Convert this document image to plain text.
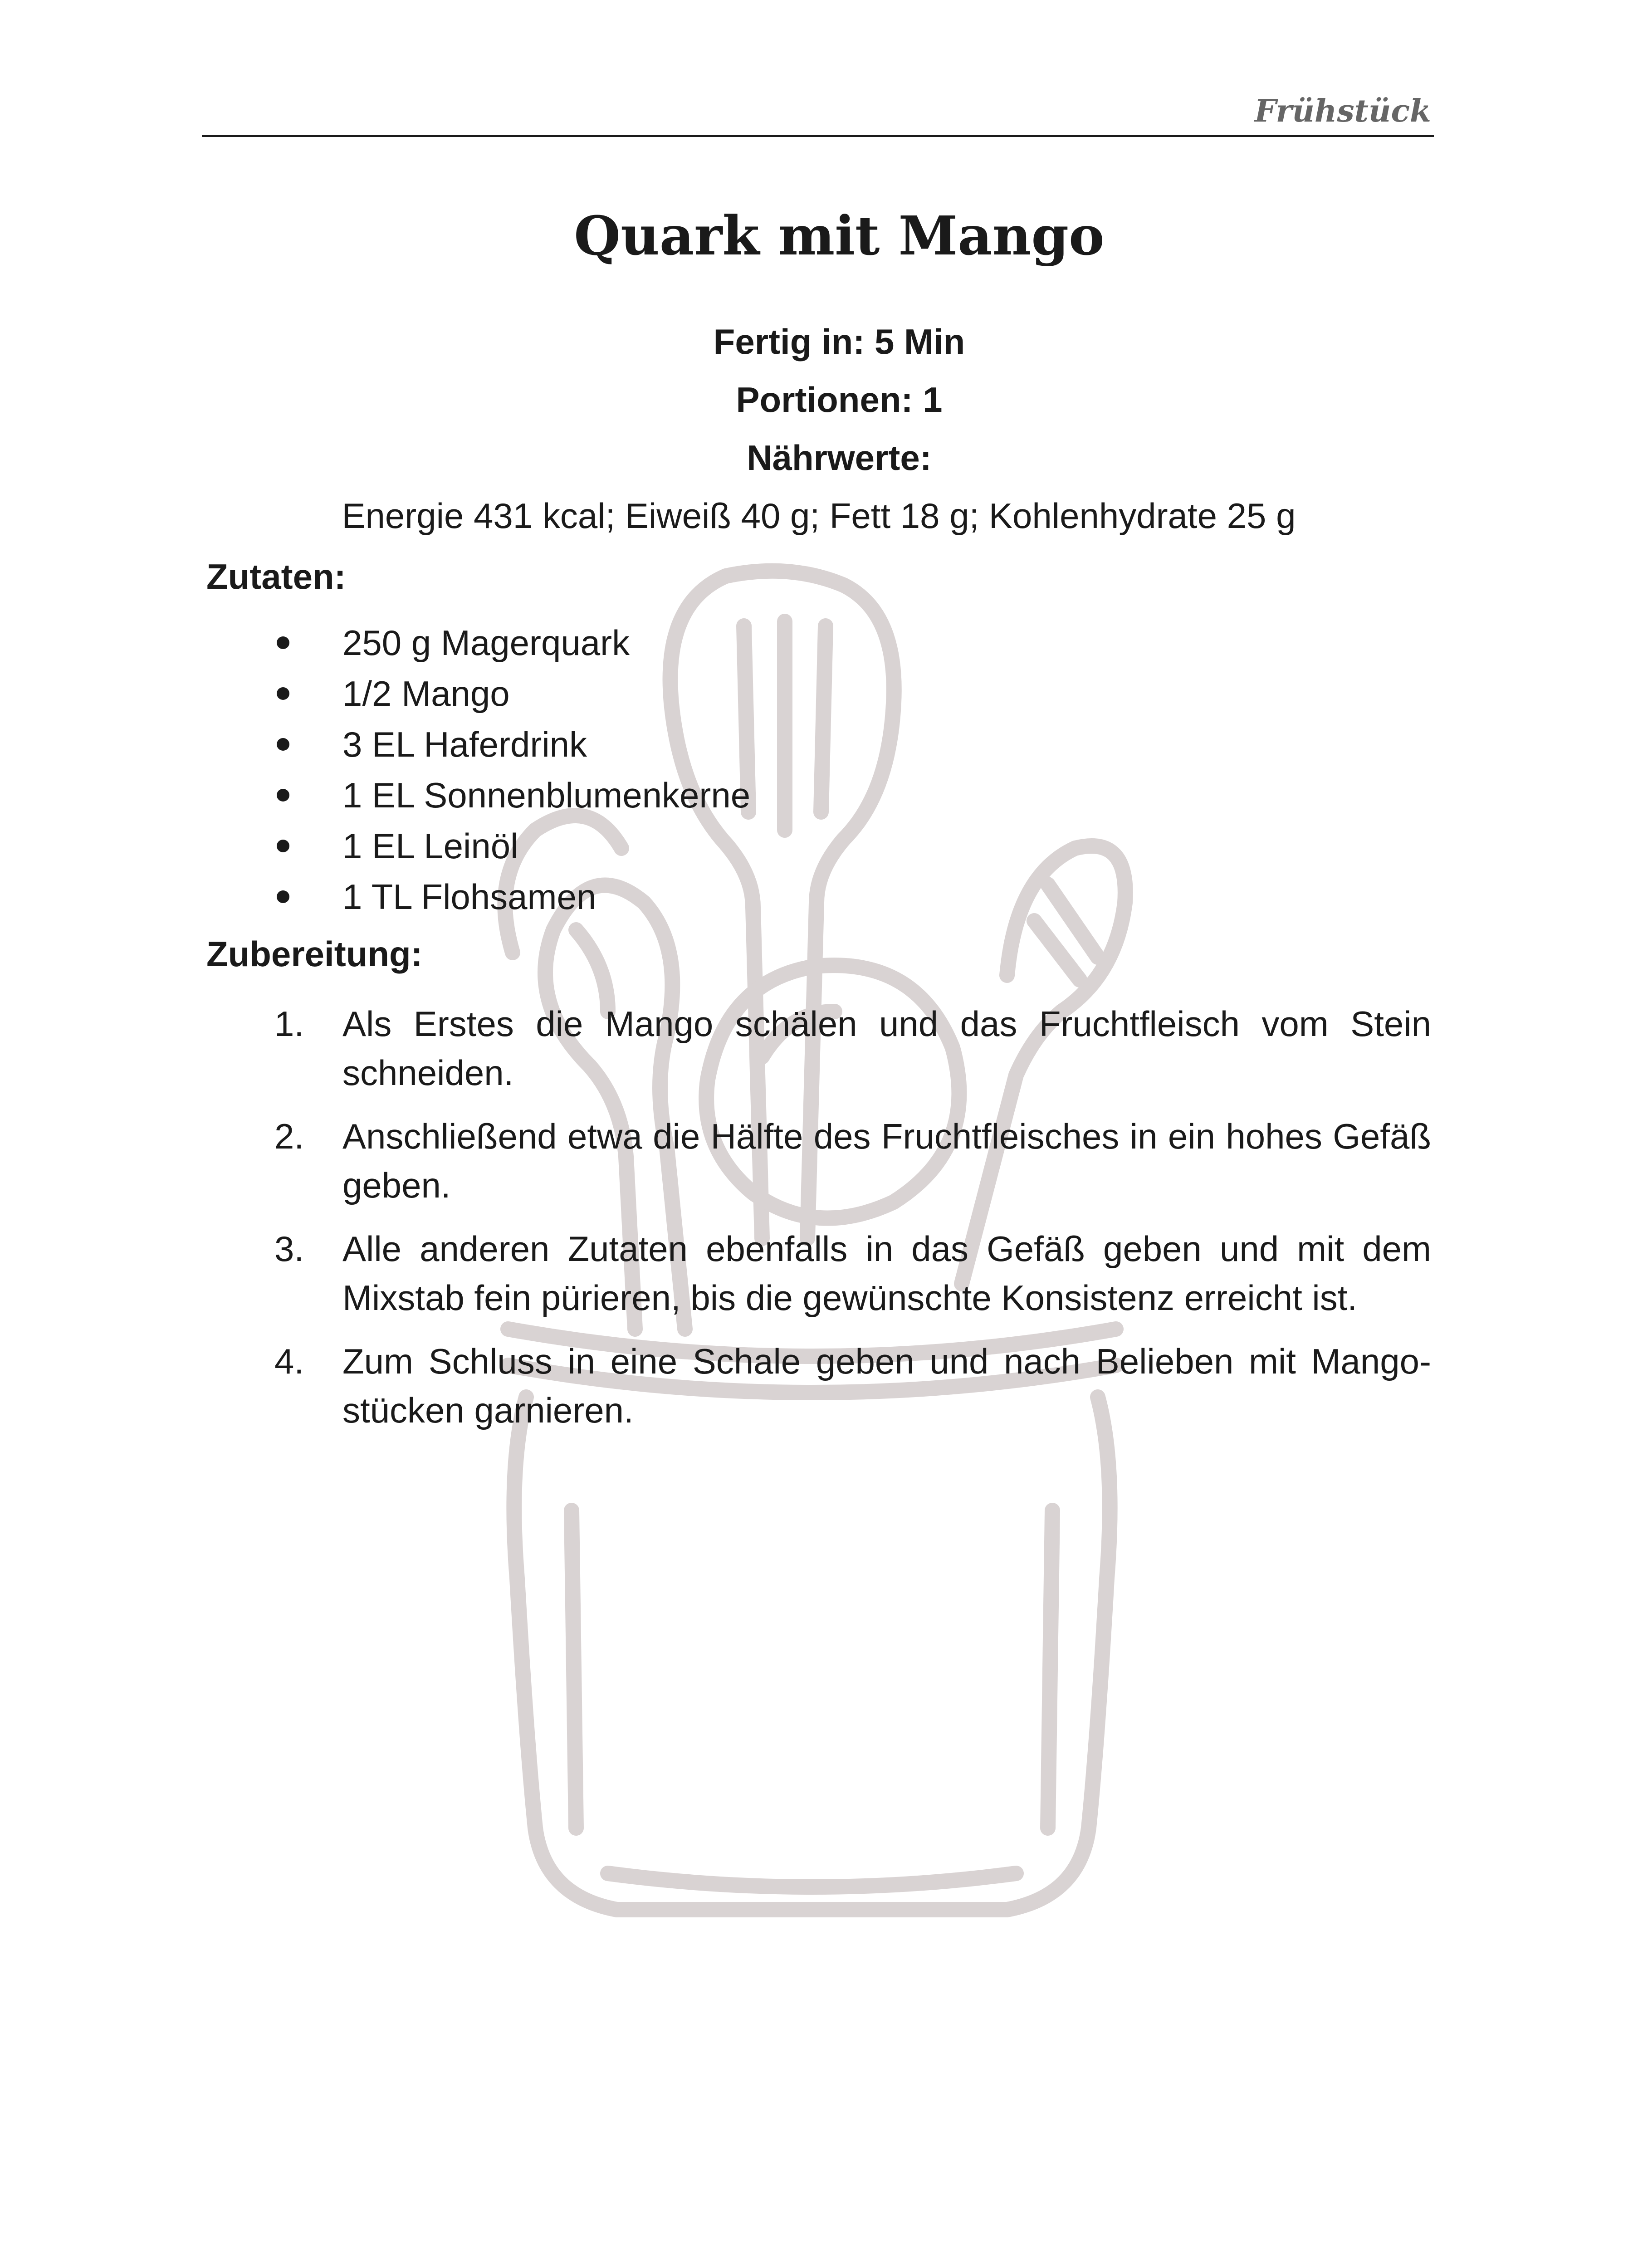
Frühstück
Quark mit Mango
Fertig in: 5 Min
Portionen: 1
Nährwerte:
Energie 431 kcal; Eiweiß 40 g; Fett 18 g; Kohlenhydrate 25 g
Zutaten:
250 g Magerquark
1/2 Mango
3 EL Haferdrink
1 EL Sonnenblumenkerne
1 EL Leinöl
1 TL Flohsamen
Zubereitung:
1. Als Erstes die Mango schälen und das Fruchtfleisch vom Stein schneiden.
2. Anschließend etwa die Hälfte des Fruchtfleisches in ein hohes Gefäß geben.
3. Alle anderen Zutaten ebenfalls in das Gefäß geben und mit dem Mixstab fein pürieren, bis die gewünschte Konsistenz erreicht ist.
4. Zum Schluss in eine Schale geben und nach Belieben mit Mango-stücken garnieren.
